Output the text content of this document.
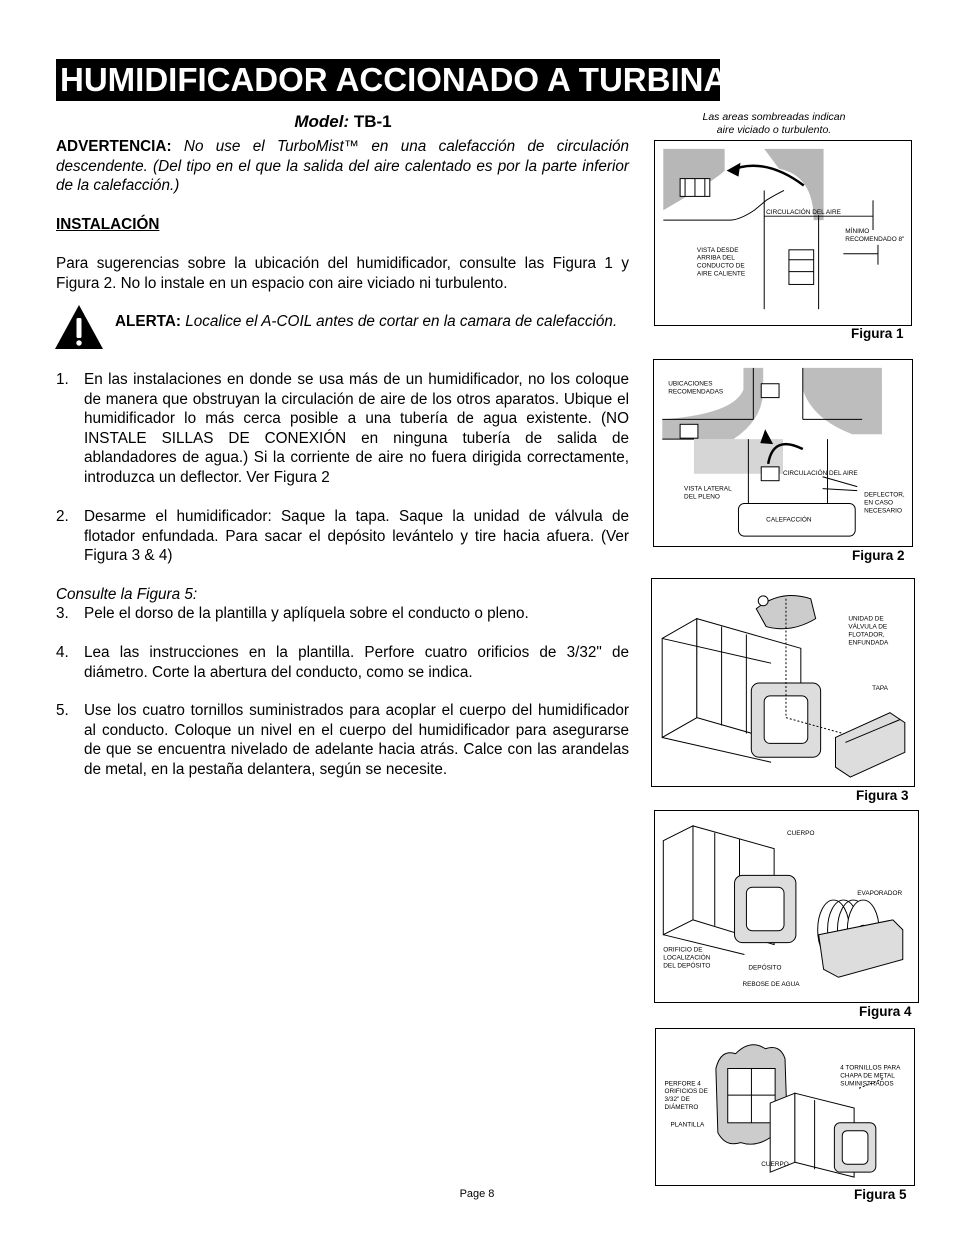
HUMIDIFICADOR ACCIONADO A TURBINAP
Model: TB-1
ADVERTENCIA: No use el TurboMist™ en una calefacción de circulación descendente. (Del tipo en el que la salida del aire calentado es por la parte inferior de la calefacción.)
INSTALACIÓN
Para sugerencias sobre la ubicación del humidificador, consulte las Figura 1 y Figura 2. No lo instale en un espacio con aire viciado ni turbulento.
ALERTA: Localice el A-COIL antes de cortar en la camara de calefacción.
1. En las instalaciones en donde se usa más de un humidificador, no los coloque de manera que obstruyan la circulación de aire de los otros aparatos. Ubique el humidificador lo más cerca posible a una tubería de agua existente. (NO INSTALE SILLAS DE CONEXIÓN en ninguna tubería de salida de ablandadores de agua.) Si la corriente de aire no fuera dirigida correctamente, introduzca un deflector. Ver Figura 2
2. Desarme el humidificador: Saque la tapa. Saque la unidad de válvula de flotador enfundada. Para sacar el depósito levántelo y tire hacia afuera. (Ver Figura 3 & 4)
Consulte la Figura 5:
3. Pele el dorso de la plantilla y aplíquela sobre el conducto o pleno.
4. Lea las instrucciones en la plantilla. Perfore cuatro orificios de 3/32" de diámetro. Corte la abertura del conducto, como se indica.
5. Use los cuatro tornillos suministrados para acoplar el cuerpo del humidificador al conducto. Coloque un nivel en el cuerpo del humidificador para asegurarse de que se encuentra nivelado de adelante hacia atrás. Calce con las arandelas de metal, en la pestaña delantera, según se necesite.
Las areas sombreadas indican
aire viciado o turbulento.
CIRCULACIÓN DEL AIRE
MÍNIMO
RECOMENDADO 8"
VISTA DESDE
ARRIBA DEL
CONDUCTO DE
AIRE CALIENTE
Figura 1
UBICACIONES
RECOMENDADAS
CIRCULACIÓN DEL AIRE
VISTA LATERAL
DEL PLENO	DEFLECTOR,
EN CASO
NECESARIO
CALEFACCIÓN
Figura 2
UNIDAD DE
VÁLVULA DE
FLOTADOR,
ENFUNDADA
TAPA
Figura 3
CUERPO
EVAPORADOR
ORIFICIO DE
LOCALIZACIÓN
DEL DEPÓSITO	DEPÓSITO
REBOSE DE AGUA
Figura 4
4 TORNILLOS PARA
CHAPA DE METAL
SUMINISTRADOS
PERFORE 4
ORIFICIOS DE
3/32" DE
DIÁMETRO
PLANTILLA
CUERPO
Figura 5
Page 8
